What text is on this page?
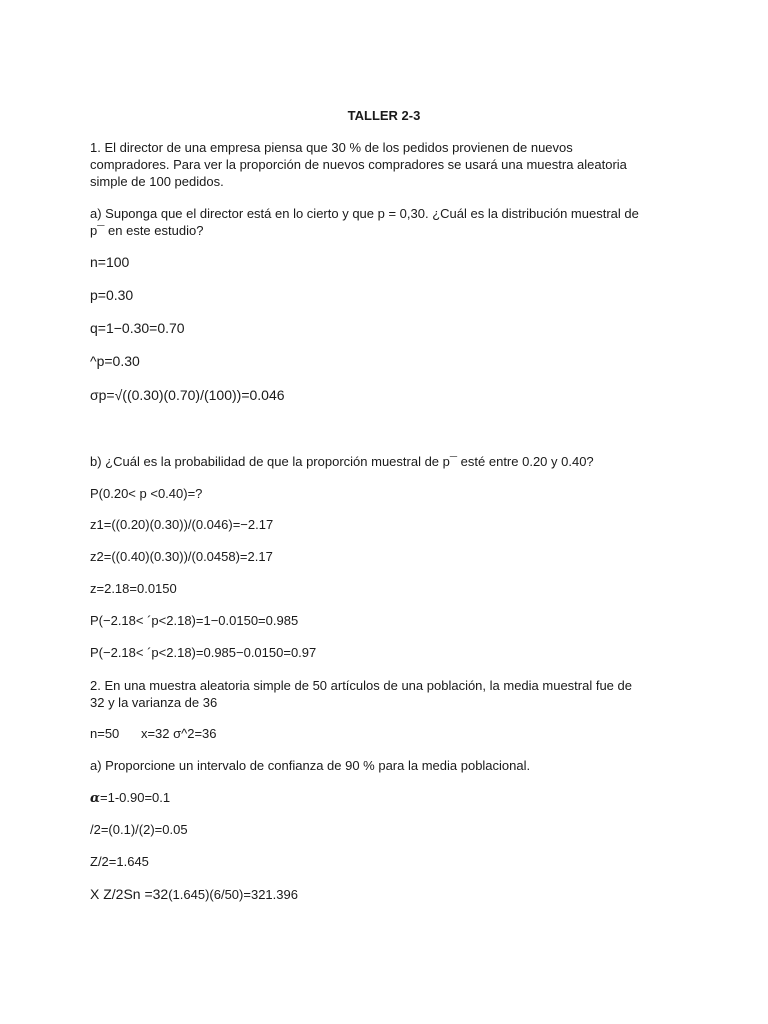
TALLER 2-3
1. El director de una empresa piensa que 30 % de los pedidos provienen de nuevos
compradores. Para ver la proporción de nuevos compradores se usará una muestra aleatoria
simple de 100 pedidos.
a) Suponga que el director está en lo cierto y que p = 0,30. ¿Cuál es la distribución muestral de
p¯ en este estudio?
n=100
p=0.30
q=1−0.30=0.70
^p=0.30
σp=√((0.30)(0.70)/(100))=0.046
b) ¿Cuál es la probabilidad de que la proporción muestral de p¯ esté entre 0.20 y 0.40?
P(0.20< p <0.40)=?
z1=((0.20)(0.30))/(0.046)=−2.17
z2=((0.40)(0.30))/(0.0458)=2.17
z=2.18=0.0150
P(−2.18< ´p<2.18)=1−0.0150=0.985
P(−2.18< ´p<2.18)=0.985−0.0150=0.97
2. En una muestra aleatoria simple de 50 artículos de una población, la media muestral fue de
32 y la varianza de 36
n=50      x=32 σ^2=36
a) Proporcione un intervalo de confianza de 90 % para la media poblacional.
𝜶=1-0.90=0.1
/2=(0.1)/(2)=0.05
Z/2=1.645
X Z/2Sn =32(1.645)(6/50)=321.396
